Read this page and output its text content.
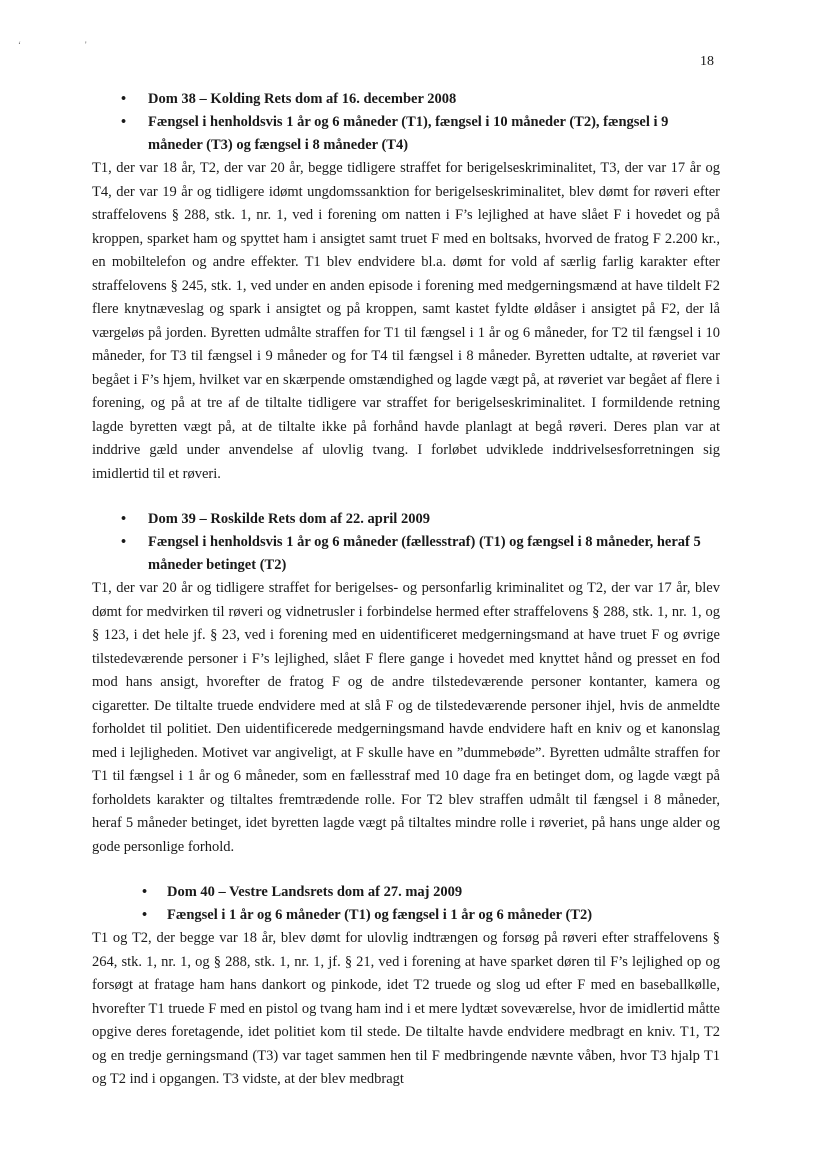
‘	'
18
• Dom 38 – Kolding Rets dom af 16. december 2008
• Fængsel i henholdsvis 1 år og 6 måneder (T1), fængsel i 10 måneder (T2), fængsel i 9 måneder (T3) og fængsel i 8 måneder (T4)

T1, der var 18 år, T2, der var 20 år, begge tidligere straffet for berigelseskriminalitet, T3, der var 17 år og T4, der var 19 år og tidligere idømt ungdomssanktion for berigelseskriminalitet, blev dømt for røveri efter straffelovens § 288, stk. 1, nr. 1, ved i forening om natten i F’s lejlighed at have slået F i hovedet og på kroppen, sparket ham og spyttet ham i ansigtet samt truet F med en boltsaks, hvorved de fratog F 2.200 kr., en mobiltelefon og andre effekter. T1 blev endvidere bl.a. dømt for vold af særlig farlig karakter efter straffelovens § 245, stk. 1, ved under en anden episode i forening med medgerningsmænd at have tildelt F2 flere knytnæveslag og spark i ansigtet og på kroppen, samt kastet fyldte øldåser i ansigtet på F2, der lå værgeløs på jorden. Byretten udmålte straffen for T1 til fængsel i 1 år og 6 måneder, for T2 til fængsel i 10 måneder, for T3 til fængsel i 9 måneder og for T4 til fængsel i 8 måneder. Byretten udtalte, at røveriet var begået i F’s hjem, hvilket var en skærpende omstændighed og lagde vægt på, at røveriet var begået af flere i forening, og på at tre af de tiltalte tidligere var straffet for berigelseskriminalitet. I formildende retning lagde byretten vægt på, at de tiltalte ikke på forhånd havde planlagt at begå røveri. Deres plan var at inddrive gæld under anvendelse af ulovlig tvang. I forløbet udviklede inddrivelsesforretningen sig imidlertid til et røveri.

• Dom 39 – Roskilde Rets dom af 22. april 2009
• Fængsel i henholdsvis 1 år og 6 måneder (fællesstraf) (T1) og fængsel i 8 måneder, heraf 5 måneder betinget (T2)

T1, der var 20 år og tidligere straffet for berigelses- og personfarlig kriminalitet og T2, der var 17 år, blev dømt for medvirken til røveri og vidnetrusler i forbindelse hermed efter straffelovens § 288, stk. 1, nr. 1, og § 123, i det hele jf. § 23, ved i forening med en uidentificeret medgerningsmand at have truet F og øvrige tilstedeværende personer i F’s lejlighed, slået F flere gange i hovedet med knyttet hånd og presset en fod mod hans ansigt, hvorefter de fratog F og de andre tilstedeværende personer kontanter, kamera og cigaretter. De tiltalte truede endvidere med at slå F og de tilstedeværende personer ihjel, hvis de anmeldte forholdet til politiet. Den uidentificerede medgerningsmand havde endvidere haft en kniv og et kanonslag med i lejligheden. Motivet var angiveligt, at F skulle have en ”dummebøde”. Byretten udmålte straffen for T1 til fængsel i 1 år og 6 måneder, som en fællesstraf med 10 dage fra en betinget dom, og lagde vægt på forholdets karakter og tiltaltes fremtrædende rolle. For T2 blev straffen udmålt til fængsel i 8 måneder, heraf 5 måneder betinget, idet byretten lagde vægt på tiltaltes mindre rolle i røveriet, på hans unge alder og gode personlige forhold.

• Dom 40 – Vestre Landsrets dom af 27. maj 2009
• Fængsel i 1 år og 6 måneder (T1) og fængsel i 1 år og 6 måneder (T2)

T1 og T2, der begge var 18 år, blev dømt for ulovlig indtrængen og forsøg på røveri efter straffelovens § 264, stk. 1, nr. 1, og § 288, stk. 1, nr. 1, jf. § 21, ved i forening at have sparket døren til F’s lejlighed op og forsøgt at fratage ham hans dankort og pinkode, idet T2 truede og slog ud efter F med en baseballkølle, hvorefter T1 truede F med en pistol og tvang ham ind i et mere lydtæt soveværelse, hvor de imidlertid måtte opgive deres foretagende, idet politiet kom til stede. De tiltalte havde endvidere medbragt en kniv. T1, T2 og en tredje gerningsmand (T3) var taget sammen hen til F medbringende nævnte våben, hvor T3 hjalp T1 og T2 ind i opgangen. T3 vidste, at der blev medbragt
